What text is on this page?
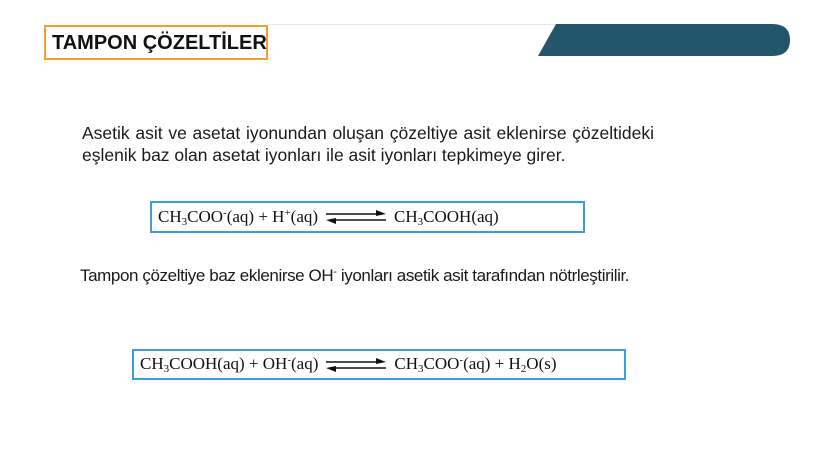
TAMPON ÇÖZELTİLER
Asetik asit ve asetat iyonundan oluşan çözeltiye asit eklenirse çözeltideki eşlenik baz olan asetat iyonları ile asit iyonları tepkimeye girer.
$CH_3COO^-(aq) + H^+(aq)$ ⇌ $CH_3COOH(aq)$
Tampon çözeltiye baz eklenirse OH- iyonları asetik asit tarafından nötrleştirilir.
$CH_3COOH(aq) + OH^-(aq)$ ⇌ $CH_3COO^-(aq) + H_2O(s)$
